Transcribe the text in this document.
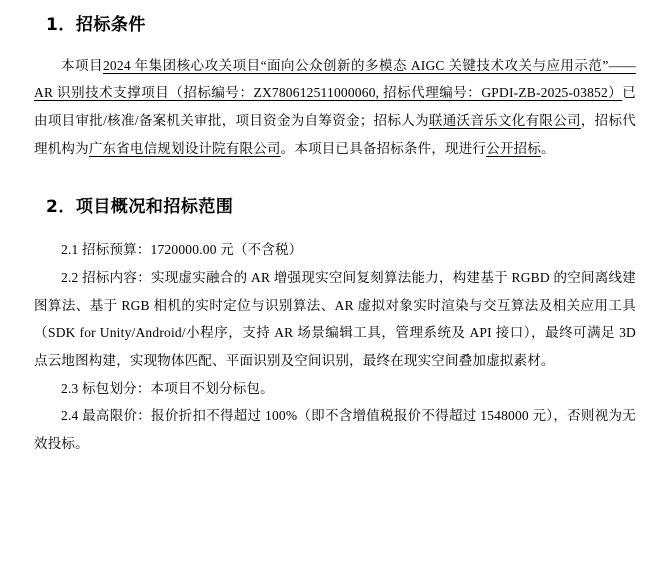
1．招标条件

本项目2024 年集团核心攻关项目“面向公众创新的多模态 AIGC 关键技术攻关与应用示范”——AR 识别技术支撑项目（招标编号：ZX780612511000060, 招标代理编号：GPDI-ZB-2025-03852）已由项目审批/核准/备案机关审批，项目资金为自筹资金；招标人为联通沃音乐文化有限公司，招标代理机构为广东省电信规划设计院有限公司。本项目已具备招标条件，现进行公开招标。

2．项目概况和招标范围

2.1 招标预算：1720000.00 元（不含税）

2.2 招标内容：实现虚实融合的 AR 增强现实空间复刻算法能力，构建基于 RGBD 的空间离线建图算法、基于 RGB 相机的实时定位与识别算法、AR 虚拟对象实时渲染与交互算法及相关应用工具（SDK for Unity/Android/小程序，支持 AR 场景编辑工具，管理系统及 API 接口），最终可满足 3D 点云地图构建，实现物体匹配、平面识别及空间识别，最终在现实空间叠加虚拟素材。

2.3 标包划分：本项目不划分标包。

2.4 最高限价：报价折扣不得超过 100%（即不含增值税报价不得超过 1548000 元），否则视为无效投标。
